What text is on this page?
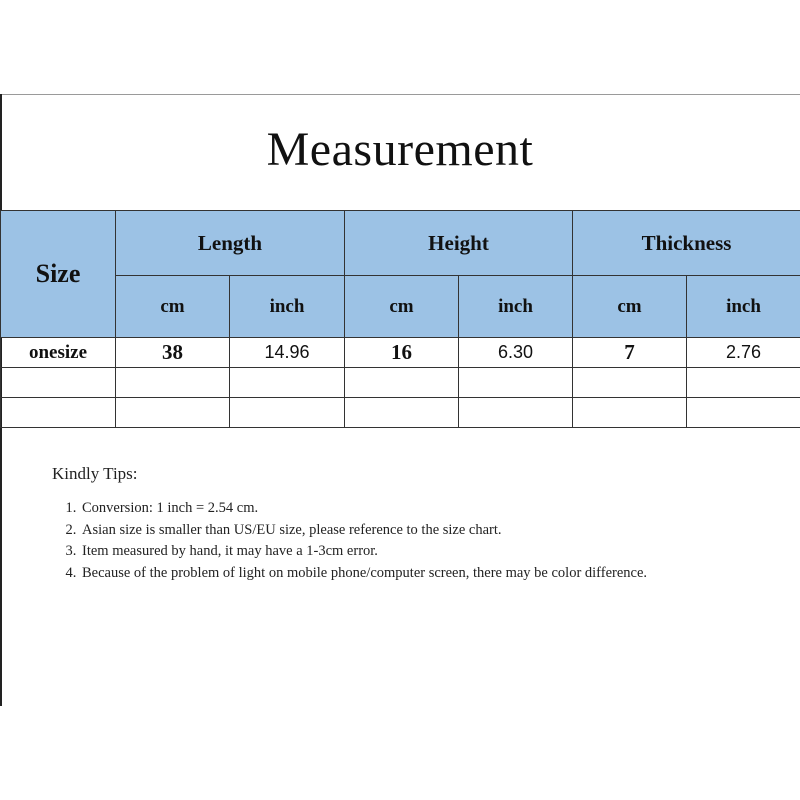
Measurement
Size	Length		Height		Thickness	
	cm	inch	cm	inch	cm	inch
onesize	38	14.96	16	6.30	7	2.76

Kindly Tips:
1. Conversion: 1 inch = 2.54 cm.
2. Asian size is smaller than US/EU size, please reference to the size chart.
3. Item measured by hand, it may have a 1-3cm error.
4. Because of the problem of light on mobile phone/computer screen, there may be color difference.
